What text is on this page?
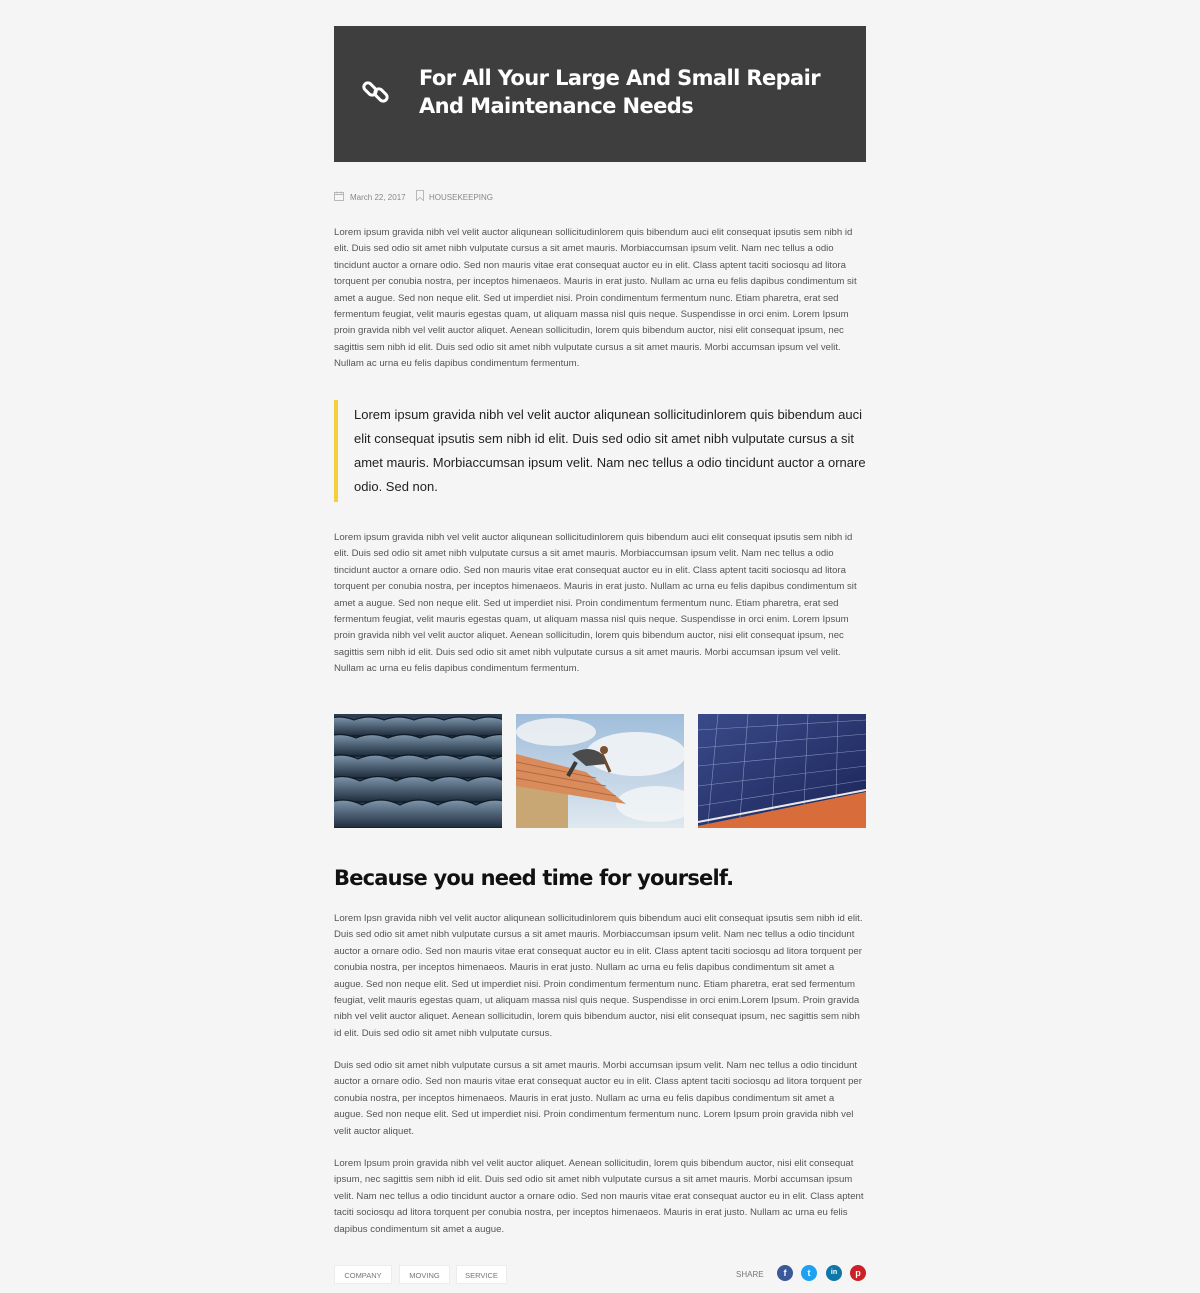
For All Your Large And Small Repair And Maintenance Needs
March 22, 2017	HOUSEKEEPING

Lorem ipsum gravida nibh vel velit auctor aliqunean sollicitudinlorem quis bibendum auci elit consequat ipsutis sem nibh id elit. Duis sed odio sit amet nibh vulputate cursus a sit amet mauris. Morbiaccumsan ipsum velit. Nam nec tellus a odio tincidunt auctor a ornare odio. Sed non mauris vitae erat consequat auctor eu in elit. Class aptent taciti sociosqu ad litora torquent per conubia nostra, per inceptos himenaeos. Mauris in erat justo. Nullam ac urna eu felis dapibus condimentum sit amet a augue. Sed non neque elit. Sed ut imperdiet nisi. Proin condimentum fermentum nunc. Etiam pharetra, erat sed fermentum feugiat, velit mauris egestas quam, ut aliquam massa nisl quis neque. Suspendisse in orci enim. Lorem Ipsum proin gravida nibh vel velit auctor aliquet. Aenean sollicitudin, lorem quis bibendum auctor, nisi elit consequat ipsum, nec sagittis sem nibh id elit. Duis sed odio sit amet nibh vulputate cursus a sit amet mauris. Morbi accumsan ipsum vel velit. Nullam ac urna eu felis dapibus condimentum fermentum.

Lorem ipsum gravida nibh vel velit auctor aliqunean sollicitudinlorem quis bibendum auci elit consequat ipsutis sem nibh id elit. Duis sed odio sit amet nibh vulputate cursus a sit amet mauris. Morbiaccumsan ipsum velit. Nam nec tellus a odio tincidunt auctor a ornare odio. Sed non.

Lorem ipsum gravida nibh vel velit auctor aliqunean sollicitudinlorem quis bibendum auci elit consequat ipsutis sem nibh id elit. Duis sed odio sit amet nibh vulputate cursus a sit amet mauris. Morbiaccumsan ipsum velit. Nam nec tellus a odio tincidunt auctor a ornare odio. Sed non mauris vitae erat consequat auctor eu in elit. Class aptent taciti sociosqu ad litora torquent per conubia nostra, per inceptos himenaeos. Mauris in erat justo. Nullam ac urna eu felis dapibus condimentum sit amet a augue. Sed non neque elit. Sed ut imperdiet nisi. Proin condimentum fermentum nunc. Etiam pharetra, erat sed fermentum feugiat, velit mauris egestas quam, ut aliquam massa nisl quis neque. Suspendisse in orci enim. Lorem Ipsum proin gravida nibh vel velit auctor aliquet. Aenean sollicitudin, lorem quis bibendum auctor, nisi elit consequat ipsum, nec sagittis sem nibh id elit. Duis sed odio sit amet nibh vulputate cursus a sit amet mauris. Morbi accumsan ipsum vel velit. Nullam ac urna eu felis dapibus condimentum fermentum.

Because you need time for yourself.

Lorem Ipsn gravida nibh vel velit auctor aliqunean sollicitudinlorem quis bibendum auci elit consequat ipsutis sem nibh id elit. Duis sed odio sit amet nibh vulputate cursus a sit amet mauris. Morbiaccumsan ipsum velit. Nam nec tellus a odio tincidunt auctor a ornare odio. Sed non mauris vitae erat consequat auctor eu in elit. Class aptent taciti sociosqu ad litora torquent per conubia nostra, per inceptos himenaeos. Mauris in erat justo. Nullam ac urna eu felis dapibus condimentum sit amet a augue. Sed non neque elit. Sed ut imperdiet nisi. Proin condimentum fermentum nunc. Etiam pharetra, erat sed fermentum feugiat, velit mauris egestas quam, ut aliquam massa nisl quis neque. Suspendisse in orci enim.Lorem Ipsum. Proin gravida nibh vel velit auctor aliquet. Aenean sollicitudin, lorem quis bibendum auctor, nisi elit consequat ipsum, nec sagittis sem nibh id elit. Duis sed odio sit amet nibh vulputate cursus.

Duis sed odio sit amet nibh vulputate cursus a sit amet mauris. Morbi accumsan ipsum velit. Nam nec tellus a odio tincidunt auctor a ornare odio. Sed non mauris vitae erat consequat auctor eu in elit. Class aptent taciti sociosqu ad litora torquent per conubia nostra, per inceptos himenaeos. Mauris in erat justo. Nullam ac urna eu felis dapibus condimentum sit amet a augue. Sed non neque elit. Sed ut imperdiet nisi. Proin condimentum fermentum nunc. Lorem Ipsum proin gravida nibh vel velit auctor aliquet.

Lorem Ipsum proin gravida nibh vel velit auctor aliquet. Aenean sollicitudin, lorem quis bibendum auctor, nisi elit consequat ipsum, nec sagittis sem nibh id elit. Duis sed odio sit amet nibh vulputate cursus a sit amet mauris. Morbi accumsan ipsum velit. Nam nec tellus a odio tincidunt auctor a ornare odio. Sed non mauris vitae erat consequat auctor eu in elit. Class aptent taciti sociosqu ad litora torquent per conubia nostra, per inceptos himenaeos. Mauris in erat justo. Nullam ac urna eu felis dapibus condimentum sit amet a augue.

COMPANY	MOVING	SERVICE	SHARE	f	t	in	p
